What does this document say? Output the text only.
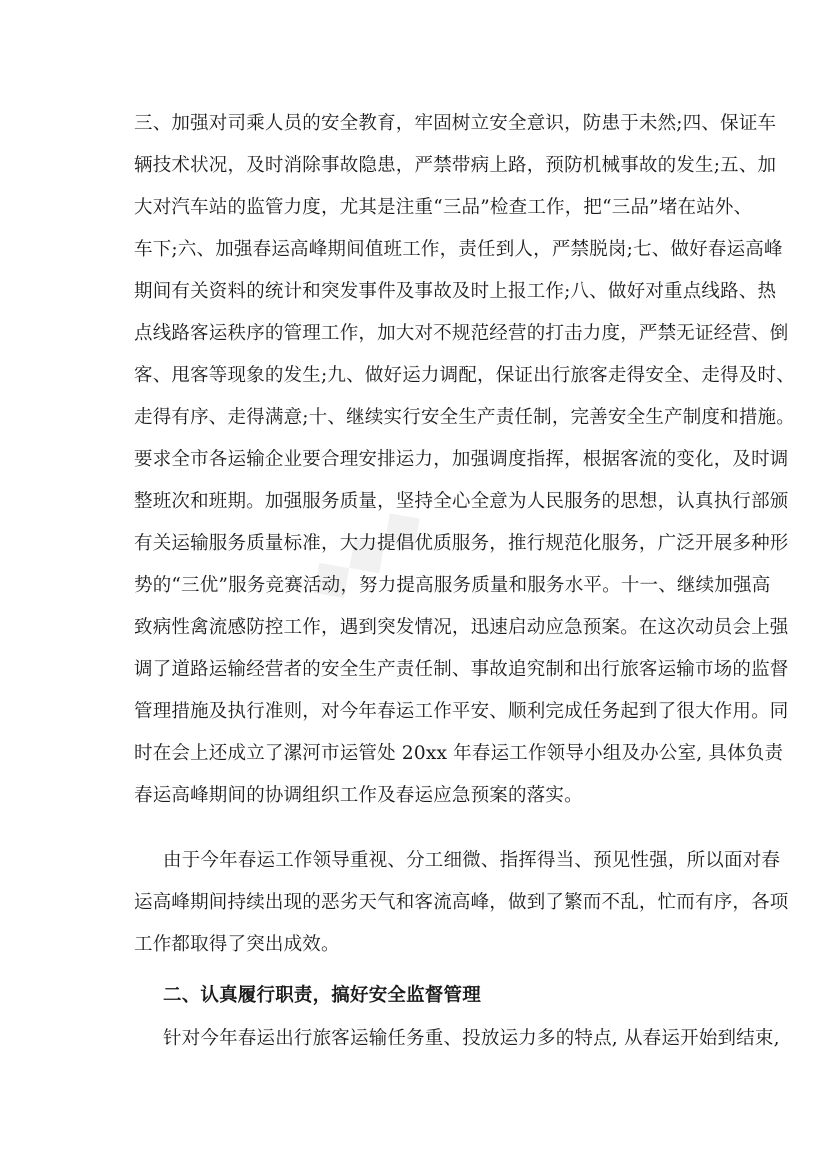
◆◆◆
三、加强对司乘人员的安全教育，牢固树立安全意识，防患于未然;四、保证车
辆技术状况，及时消除事故隐患，严禁带病上路，预防机械事故的发生;五、加
大对汽车站的监管力度，尤其是注重“三品”检查工作，把“三品”堵在站外、
车下;六、加强春运高峰期间值班工作，责任到人，严禁脱岗;七、做好春运高峰
期间有关资料的统计和突发事件及事故及时上报工作;八、做好对重点线路、热
点线路客运秩序的管理工作，加大对不规范经营的打击力度，严禁无证经营、倒
客、甩客等现象的发生;九、做好运力调配，保证出行旅客走得安全、走得及时、
走得有序、走得满意;十、继续实行安全生产责任制，完善安全生产制度和措施。
要求全市各运输企业要合理安排运力，加强调度指挥，根据客流的变化，及时调
整班次和班期。加强服务质量，坚持全心全意为人民服务的思想，认真执行部颁
有关运输服务质量标准，大力提倡优质服务，推行规范化服务，广泛开展多种形
势的“三优”服务竞赛活动，努力提高服务质量和服务水平。十一、继续加强高
致病性禽流感防控工作，遇到突发情况，迅速启动应急预案。在这次动员会上强
调了道路运输经营者的安全生产责任制、事故追究制和出行旅客运输市场的监督
管理措施及执行准则，对今年春运工作平安、顺利完成任务起到了很大作用。同
时在会上还成立了漯河市运管处 20xx 年春运工作领导小组及办公室, 具体负责
春运高峰期间的协调组织工作及春运应急预案的落实。
由于今年春运工作领导重视、分工细微、指挥得当、预见性强，所以面对春
运高峰期间持续出现的恶劣天气和客流高峰，做到了繁而不乱，忙而有序，各项
工作都取得了突出成效。
二、认真履行职责，搞好安全监督管理
针对今年春运出行旅客运输任务重、投放运力多的特点, 从春运开始到结束,
